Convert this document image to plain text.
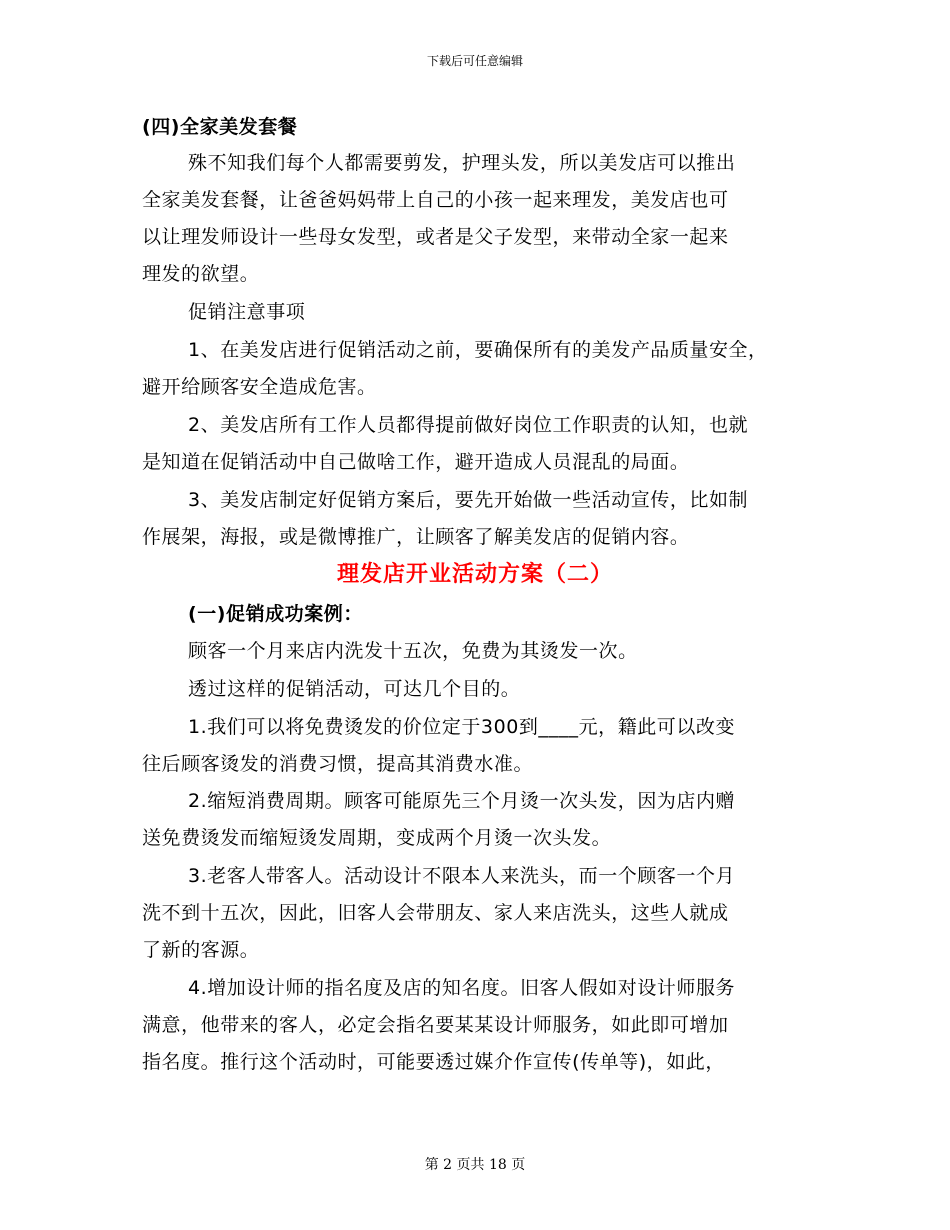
下载后可任意编辑
(四)全家美发套餐
殊不知我们每个人都需要剪发，护理头发，所以美发店可以推出
全家美发套餐，让爸爸妈妈带上自己的小孩一起来理发，美发店也可
以让理发师设计一些母女发型，或者是父子发型，来带动全家一起来
理发的欲望。
促销注意事项
1、在美发店进行促销活动之前，要确保所有的美发产品质量安全，
避开给顾客安全造成危害。
2、美发店所有工作人员都得提前做好岗位工作职责的认知，也就
是知道在促销活动中自己做啥工作，避开造成人员混乱的局面。
3、美发店制定好促销方案后，要先开始做一些活动宣传，比如制
作展架，海报，或是微博推广，让顾客了解美发店的促销内容。
理发店开业活动方案（二）
(一)促销成功案例：
顾客一个月来店内洗发十五次，免费为其烫发一次。
透过这样的促销活动，可达几个目的。
1.我们可以将免费烫发的价位定于300到____元，籍此可以改变
往后顾客烫发的消费习惯，提高其消费水准。
2.缩短消费周期。顾客可能原先三个月烫一次头发，因为店内赠
送免费烫发而缩短烫发周期，变成两个月烫一次头发。
3.老客人带客人。活动设计不限本人来洗头，而一个顾客一个月
洗不到十五次，因此，旧客人会带朋友、家人来店洗头，这些人就成
了新的客源。
4.增加设计师的指名度及店的知名度。旧客人假如对设计师服务
满意，他带来的客人，必定会指名要某某设计师服务，如此即可增加
指名度。推行这个活动时，可能要透过媒介作宣传(传单等)，如此，
第 2 页共 18 页
